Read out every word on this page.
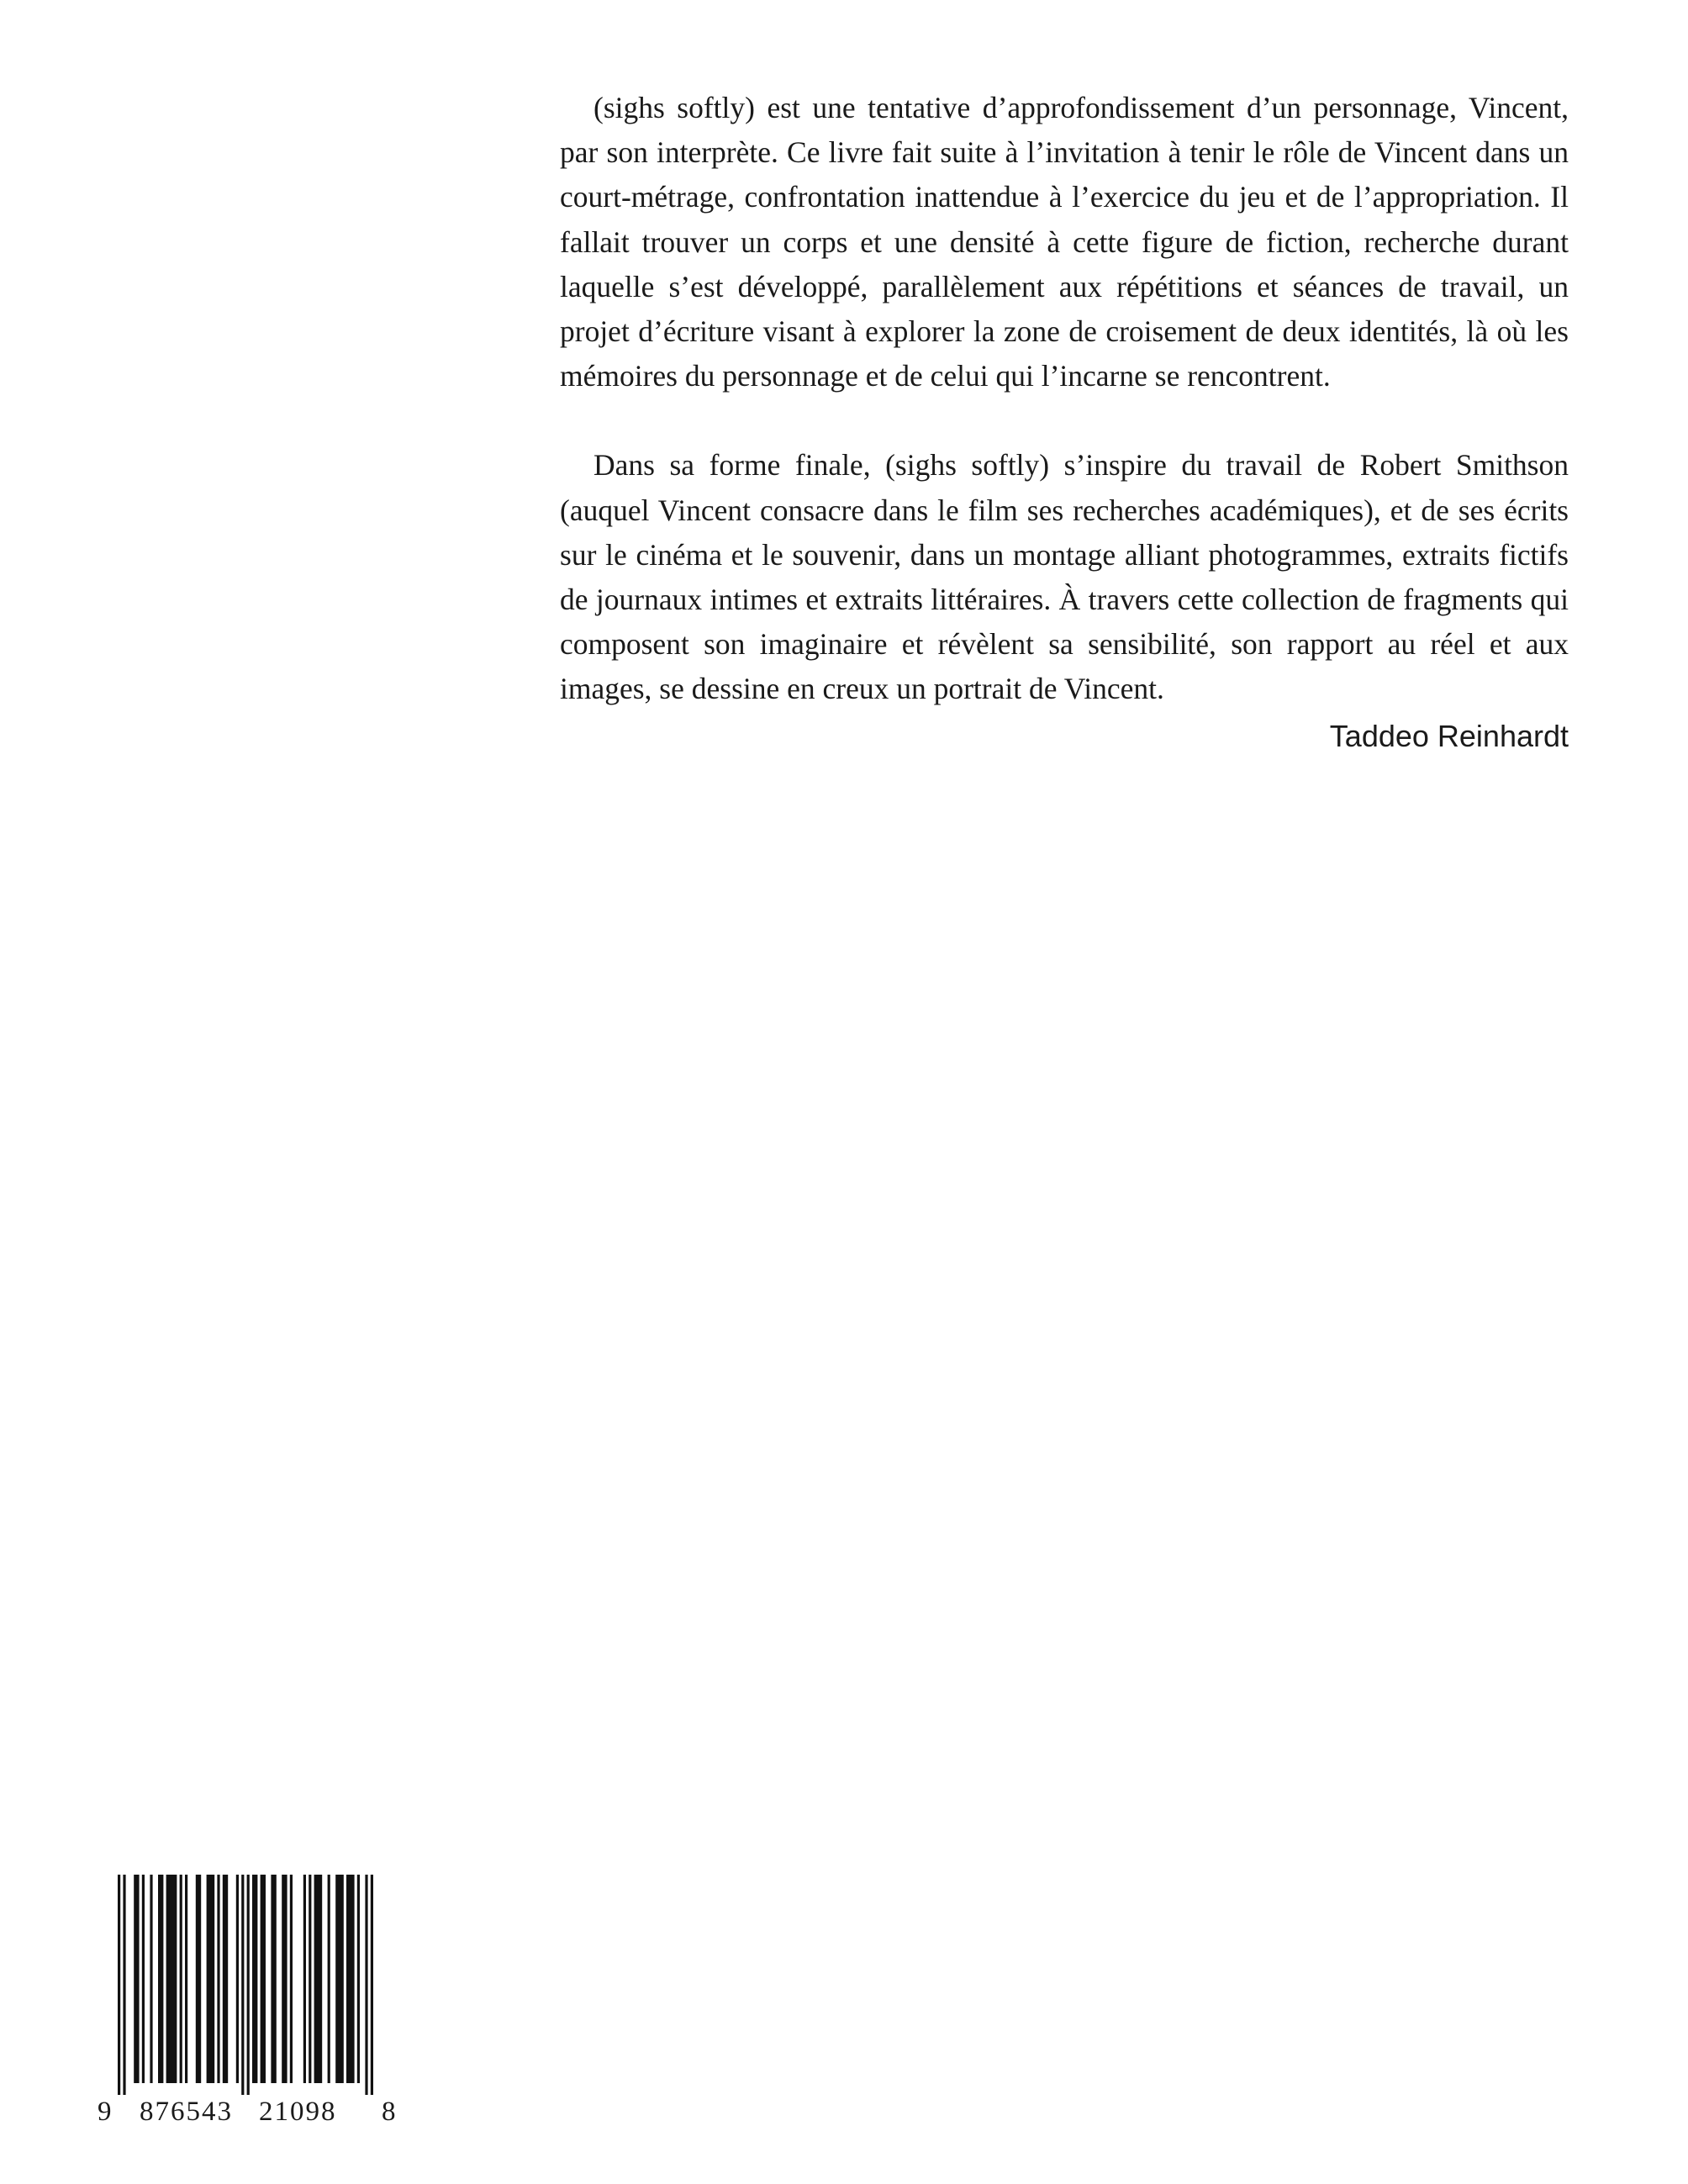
(sighs softly) est une tentative d’approfondissement d’un personnage, Vincent, par son interprète. Ce livre fait suite à l’invitation à tenir le rôle de Vincent dans un court-métrage, confrontation inattendue à l’exercice du jeu et de l’appropriation. Il fallait trouver un corps et une densité à cette figure de fiction, recherche durant laquelle s’est développé, parallèlement aux répétitions et séances de travail, un projet d’écriture visant à explorer la zone de croisement de deux identités, là où les mémoires du personnage et de celui qui l’incarne se rencontrent.

Dans sa forme finale, (sighs softly) s’inspire du travail de Robert Smithson (auquel Vincent consacre dans le film ses recherches académiques), et de ses écrits sur le cinéma et le souvenir, dans un montage alliant photogrammes, extraits fictifs de journaux intimes et extraits littéraires. À travers cette collection de fragments qui composent son imaginaire et révèlent sa sensibilité, son rapport au réel et aux images, se dessine en creux un portrait de Vincent.

Taddeo Reinhardt

9 876543 21098 8
